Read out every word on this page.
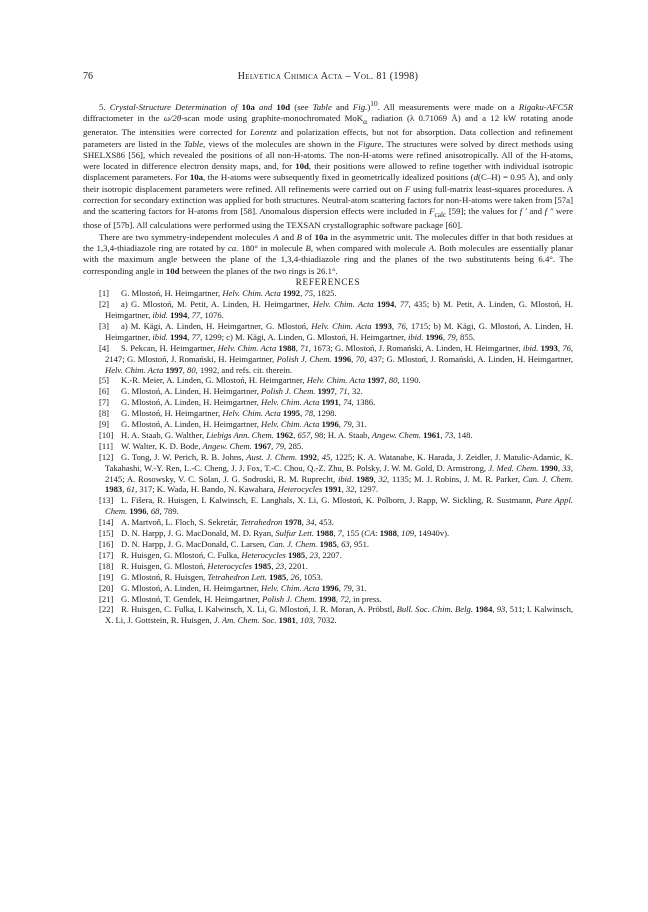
76	Helvetica Chimica Acta – Vol. 81 (1998)

5. Crystal-Structure Determination of 10a and 10d (see Table and Fig.)$^{10}$. All measurements were made on a Rigaku-AFC5R diffractometer in the ω/2θ-scan mode using graphite-monochromated MoK$_\alpha$ radiation (λ 0.71069 Å) and a 12 kW rotating anode generator. The intensities were corrected for Lorentz and polarization effects, but not for absorption. Data collection and refinement parameters are listed in the Table, views of the molecules are shown in the Figure. The structures were solved by direct methods using SHELXS86 [56], which revealed the positions of all non-H-atoms. The non-H-atoms were refined anisotropically. All of the H-atoms, were located in difference electron density maps, and, for 10d, their positions were allowed to refine together with individual isotropic displacement parameters. For 10a, the H-atoms were subsequently fixed in geometrically idealized positions (d(C–H) = 0.95 Å), and only their isotropic displacement parameters were refined. All refinements were carried out on F using full-matrix least-squares procedures. A correction for secondary extinction was applied for both structures. Neutral-atom scattering factors for non-H-atoms were taken from [57a] and the scattering factors for H-atoms from [58]. Anomalous dispersion effects were included in $F_{calc}$ [59]; the values for f ′ and f ″ were those of [57b]. All calculations were performed using the TEXSAN crystallographic software package [60].

There are two symmetry-independent molecules A and B of 10a in the asymmetric unit. The molecules differ in that both residues at the 1,3,4-thiadiazole ring are rotated by ca. 180° in molecule B, when compared with molecule A. Both molecules are essentially planar with the maximum angle between the plane of the 1,3,4-thiadiazole ring and the planes of the two substitutents being 6.4°. The corresponding angle in 10d between the planes of the two rings is 26.1°.

REFERENCES

[1] G. Mlostoń, H. Heimgartner, Helv. Chim. Acta 1992, 75, 1825.

[2] a) G. Mlostoń, M. Petit, A. Linden, H. Heimgartner, Helv. Chim. Acta 1994, 77, 435; b) M. Petit, A. Linden, G. Mlostoń, H. Heimgartner, ibid. 1994, 77, 1076.

[3] a) M. Kägi, A. Linden, H. Heimgartner, G. Mlostoń, Helv. Chim. Acta 1993, 76, 1715; b) M. Kägi, G. Mlostoń, A. Linden, H. Heimgartner, ibid. 1994, 77, 1299; c) M. Kägi, A. Linden, G. Mlostoń, H. Heimgartner, ibid. 1996, 79, 855.

[4] S. Pekcan, H. Heimgartner, Helv. Chim. Acta 1988, 71, 1673; G. Mlostoń, J. Romański, A. Linden, H. Heimgartner, ibid. 1993, 76, 2147; G. Mlostoń, J. Romański, H. Heimgartner, Polish J. Chem. 1996, 70, 437; G. Mlostoń, J. Romański, A. Linden, H. Heimgartner, Helv. Chim. Acta 1997, 80, 1992, and refs. cit. therein.

[5] K.-R. Meier, A. Linden, G. Mlostoń, H. Heimgartner, Helv. Chim. Acta 1997, 80, 1190.

[6] G. Mlostoń, A. Linden, H. Heimgartner, Polish J. Chem. 1997, 71, 32.

[7] G. Mlostoń, A. Linden, H. Heimgartner, Helv. Chim. Acta 1991, 74, 1386.

[8] G. Mlostoń, H. Heimgartner, Helv. Chim. Acta 1995, 78, 1298.

[9] G. Mlostoń, A. Linden, H. Heimgartner, Helv. Chim. Acta 1996, 79, 31.

[10] H. A. Staab, G. Walther, Liebigs Ann. Chem. 1962, 657, 98; H. A. Staab, Angew. Chem. 1961, 73, 148.

[11] W. Walter, K. D. Bode, Angew. Chem. 1967, 79, 285.

[12] G. Tong, J. W. Perich, R. B. Johns, Aust. J. Chem. 1992, 45, 1225; K. A. Watanabe, K. Harada, J. Zeidler, J. Matulic-Adamic, K. Takahashi, W.-Y. Ren, L.-C. Cheng, J. J. Fox, T.-C. Chou, Q.-Z. Zhu, B. Polsky, J. W. M. Gold, D. Armstrong, J. Med. Chem. 1990, 33, 2145; A. Rosowsky, V. C. Solan, J. G. Sodroski, R. M. Ruprecht, ibid. 1989, 32, 1135; M. J. Robins, J. M. R. Parker, Can. J. Chem. 1983, 61, 317; K. Wada, H. Bando, N. Kawahara, Heterocycles 1991, 32, 1297.

[13] L. Fišera, R. Huisgen, I. Kalwinsch, E. Langhals, X. Li, G. Mlostoń, K. Polborn, J. Rapp, W. Sickling, R. Sustmann, Pure Appl. Chem. 1996, 68, 789.

[14] A. Martvoň, L. Floch, S. Sekretár, Tetrahedron 1978, 34, 453.

[15] D. N. Harpp, J. G. MacDonald, M. D. Ryan, Sulfur Lett. 1988, 7, 155 (CA: 1988, 109, 14940v).

[16] D. N. Harpp, J. G. MacDonald, C. Larsen, Can. J. Chem. 1985, 63, 951.

[17] R. Huisgen, G. Mlostoń, C. Fulka, Heterocycles 1985, 23, 2207.

[18] R. Huisgen, G. Mlostoń, Heterocycles 1985, 23, 2201.

[19] G. Mlostoń, R. Huisgen, Tetrahedron Lett. 1985, 26, 1053.

[20] G. Mlostoń, A. Linden, H. Heimgartner, Helv. Chim. Acta 1996, 79, 31.

[21] G. Mlostoń, T. Gendek, H. Heimgartner, Polish J. Chem. 1998, 72, in press.

[22] R. Huisgen, C. Fulka, I. Kalwinsch, X. Li, G. Mlostoń, J. R. Moran, A. Pröbstl, Bull. Soc. Chim. Belg. 1984, 93, 511; I. Kalwinsch, X. Li, J. Gottstein, R. Huisgen, J. Am. Chem. Soc. 1981, 103, 7032.
